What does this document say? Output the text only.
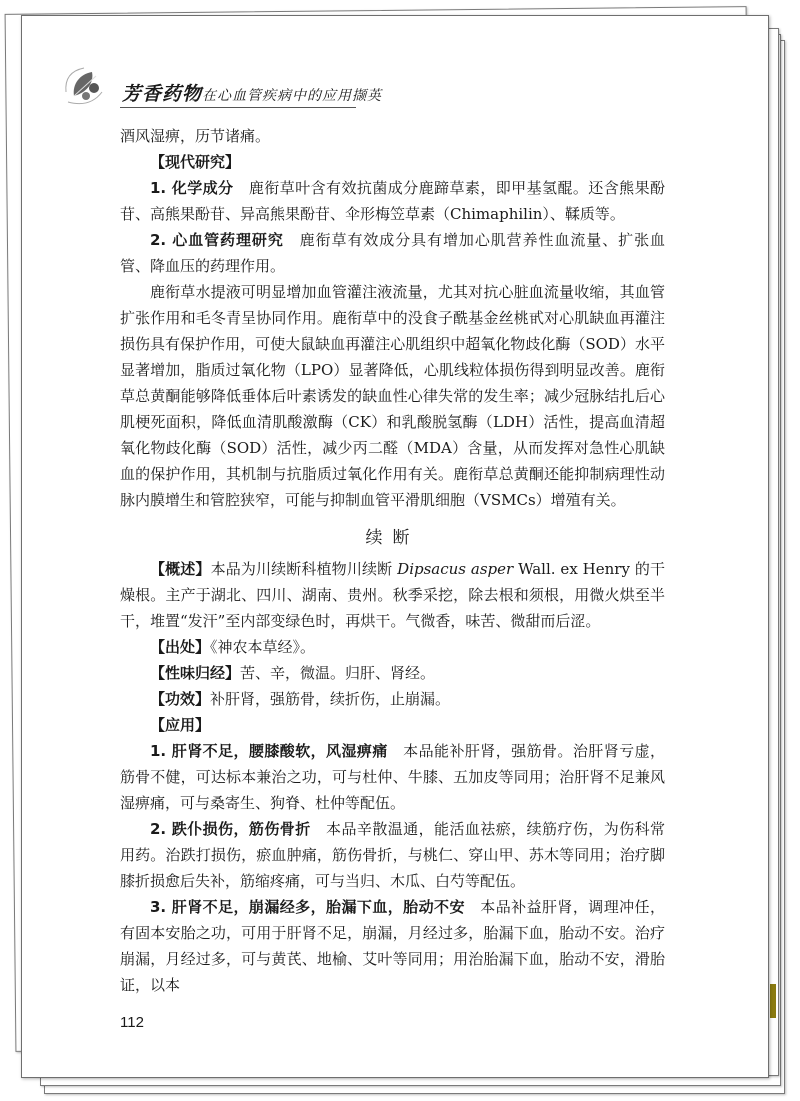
芳香药物在心血管疾病中的应用撷英

酒风湿痹，历节诸痛。

【现代研究】

1. 化学成分  鹿衔草叶含有效抗菌成分鹿蹄草素，即甲基氢醌。还含熊果酚苷、高熊果酚苷、异高熊果酚苷、伞形梅笠草素（Chimaphilin）、鞣质等。

2. 心血管药理研究  鹿衔草有效成分具有增加心肌营养性血流量、扩张血管、降血压的药理作用。

鹿衔草水提液可明显增加血管灌注液流量，尤其对抗心脏血流量收缩，其血管扩张作用和毛冬青呈协同作用。鹿衔草中的没食子酰基金丝桃甙对心肌缺血再灌注损伤具有保护作用，可使大鼠缺血再灌注心肌组织中超氧化物歧化酶（SOD）水平显著增加，脂质过氧化物（LPO）显著降低，心肌线粒体损伤得到明显改善。鹿衔草总黄酮能够降低垂体后叶素诱发的缺血性心律失常的发生率；减少冠脉结扎后心肌梗死面积，降低血清肌酸激酶（CK）和乳酸脱氢酶（LDH）活性，提高血清超氧化物歧化酶（SOD）活性，减少丙二醛（MDA）含量，从而发挥对急性心肌缺血的保护作用，其机制与抗脂质过氧化作用有关。鹿衔草总黄酮还能抑制病理性动脉内膜增生和管腔狭窄，可能与抑制血管平滑肌细胞（VSMCs）增殖有关。

续断

【概述】本品为川续断科植物川续断 Dipsacus asper Wall. ex Henry 的干燥根。主产于湖北、四川、湖南、贵州。秋季采挖，除去根和须根，用微火烘至半干，堆置“发汗”至内部变绿色时，再烘干。气微香，味苦、微甜而后涩。

【出处】《神农本草经》。

【性味归经】苦、辛，微温。归肝、肾经。

【功效】补肝肾，强筋骨，续折伤，止崩漏。

【应用】

1. 肝肾不足，腰膝酸软，风湿痹痛  本品能补肝肾，强筋骨。治肝肾亏虚，筋骨不健，可达标本兼治之功，可与杜仲、牛膝、五加皮等同用；治肝肾不足兼风湿痹痛，可与桑寄生、狗脊、杜仲等配伍。

2. 跌仆损伤，筋伤骨折  本品辛散温通，能活血祛瘀，续筋疗伤，为伤科常用药。治跌打损伤，瘀血肿痛，筋伤骨折，与桃仁、穿山甲、苏木等同用；治疗脚膝折损愈后失补，筋缩疼痛，可与当归、木瓜、白芍等配伍。

3. 肝肾不足，崩漏经多，胎漏下血，胎动不安  本品补益肝肾，调理冲任，有固本安胎之功，可用于肝肾不足，崩漏，月经过多，胎漏下血，胎动不安。治疗崩漏，月经过多，可与黄芪、地榆、艾叶等同用；用治胎漏下血，胎动不安，滑胎证，以本

112
